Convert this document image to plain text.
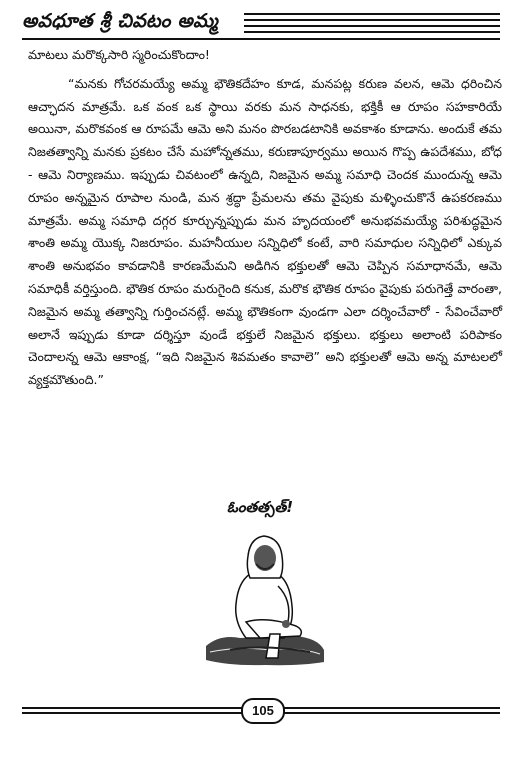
అవధూత శ్రీ చివటం అమ్మ

మాటలు మరొక్కసారి స్మరించుకొందాం!

“మనకు గోచరమయ్యే అమ్మ భౌతికదేహం కూడ, మనపట్ల కరుణ వలన, ఆమె ధరించిన ఆచ్ఛాదన మాత్రమే. ఒక వంక ఒక స్థాయి వరకు మన సాధనకు, భక్తికీ ఆ రూపం సహకారియే అయినా, మరొకవంక ఆ రూపమే ఆమె అని మనం పొరబడటానికి అవకాశం కూడాను. అందుకే తమ నిజతత్వాన్ని మనకు ప్రకటం చేసే మహోన్నతము, కరుణాపూర్వము అయిన గొప్ప ఉపదేశము, బోధ - ఆమె నిర్యాణము. ఇప్పుడు చివటంలో ఉన్నది, నిజమైన అమ్మ సమాధి చెందక ముందున్న ఆమె రూపం అన్నమైన రూపాల నుండి, మన శ్రద్ధా ప్రేమలను తమ వైపుకు మళ్ళించుకొనే ఉపకరణము మాత్రమే. అమ్మ సమాధి దగ్గర కూర్చున్నప్పుడు మన హృదయంలో అనుభవమయ్యే పరిశుద్ధమైన శాంతి అమ్మ యొక్క నిజరూపం. మహనీయుల సన్నిధిలో కంటే, వారి సమాధుల సన్నిధిలో ఎక్కువ శాంతి అనుభవం కావడానికి కారణమేమని అడిగిన భక్తులతో ఆమె చెప్పిన సమాధానమే, ఆమె సమాధికీ వర్తిస్తుంది. భౌతిక రూపం మరుగైంది కనుక, మరొక భౌతిక రూపం వైపుకు పరుగెత్తే వారంతా, నిజమైన అమ్మ తత్వాన్ని గుర్తించనట్లే. అమ్మ భౌతికంగా వుండగా ఎలా దర్శించేవారో - సేవించేవారో అలానే ఇప్పుడు కూడా దర్శిస్తూ వుండే భక్తులే నిజమైన భక్తులు. భక్తులు అలాంటి పరిపాకం చెందాలన్న ఆమె ఆకాంక్ష, “ఇది నిజమైన శివమతం కావాలె” అని భక్తులతో ఆమె అన్న మాటలలో వ్యక్తమౌతుంది.”

ఓంతత్సత్!
105
